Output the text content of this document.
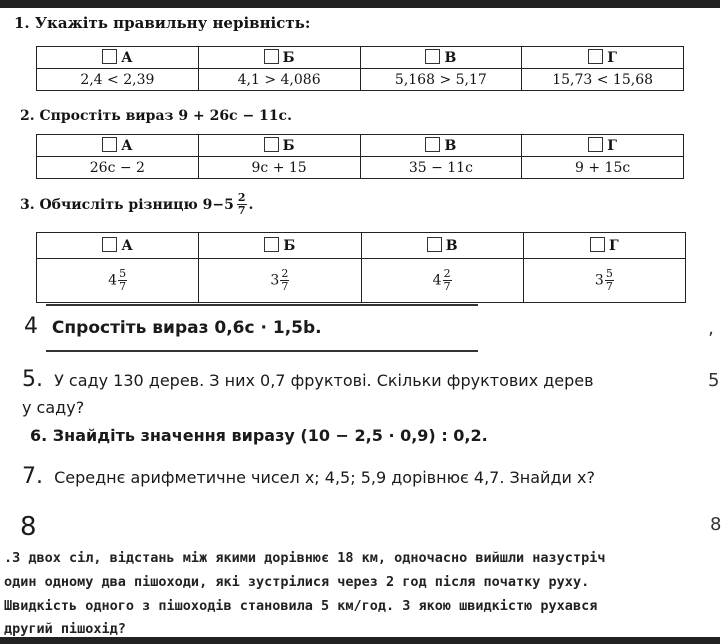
1. Укажіть правильну нерівність:
А	Б	В	Г
2,4 < 2,39	4,1 > 4,086	5,168 > 5,17	15,73 < 15,68
2. Спростіть вираз 9 + 26c − 11c.
А	Б	В	Г
26c − 2	9c + 15	35 − 11c	9 + 15c
3. Обчисліть різницю $9-5 \frac{2}{7}$ .
А	Б	В	Г
$4 \frac{5}{7}$	$3 \frac{2}{7}$	$4 \frac{2}{7}$	$3 \frac{5}{7}$
4 Спростіть вираз 0,6c · 1,5b.	‚
5. У саду 130 дерев. З них 0,7 фруктові. Скільки фруктових дерев
у саду?
5
6. Знайдіть значення виразу (10 − 2,5 · 0,9) : 0,2.
7. Середнє арифметичне чисел x; 4,5; 5,9 дорівнює 4,7. Знайди x?
8	8
.З двох сіл, відстань між якими дорівнює 18 км, одночасно вийшли назустріч
один одному два пішоходи, які зустрілися через 2 год після початку руху.
Швидкість одного з пішоходів становила 5 км/год. З якою швидкістю рухався
другий пішохід?
